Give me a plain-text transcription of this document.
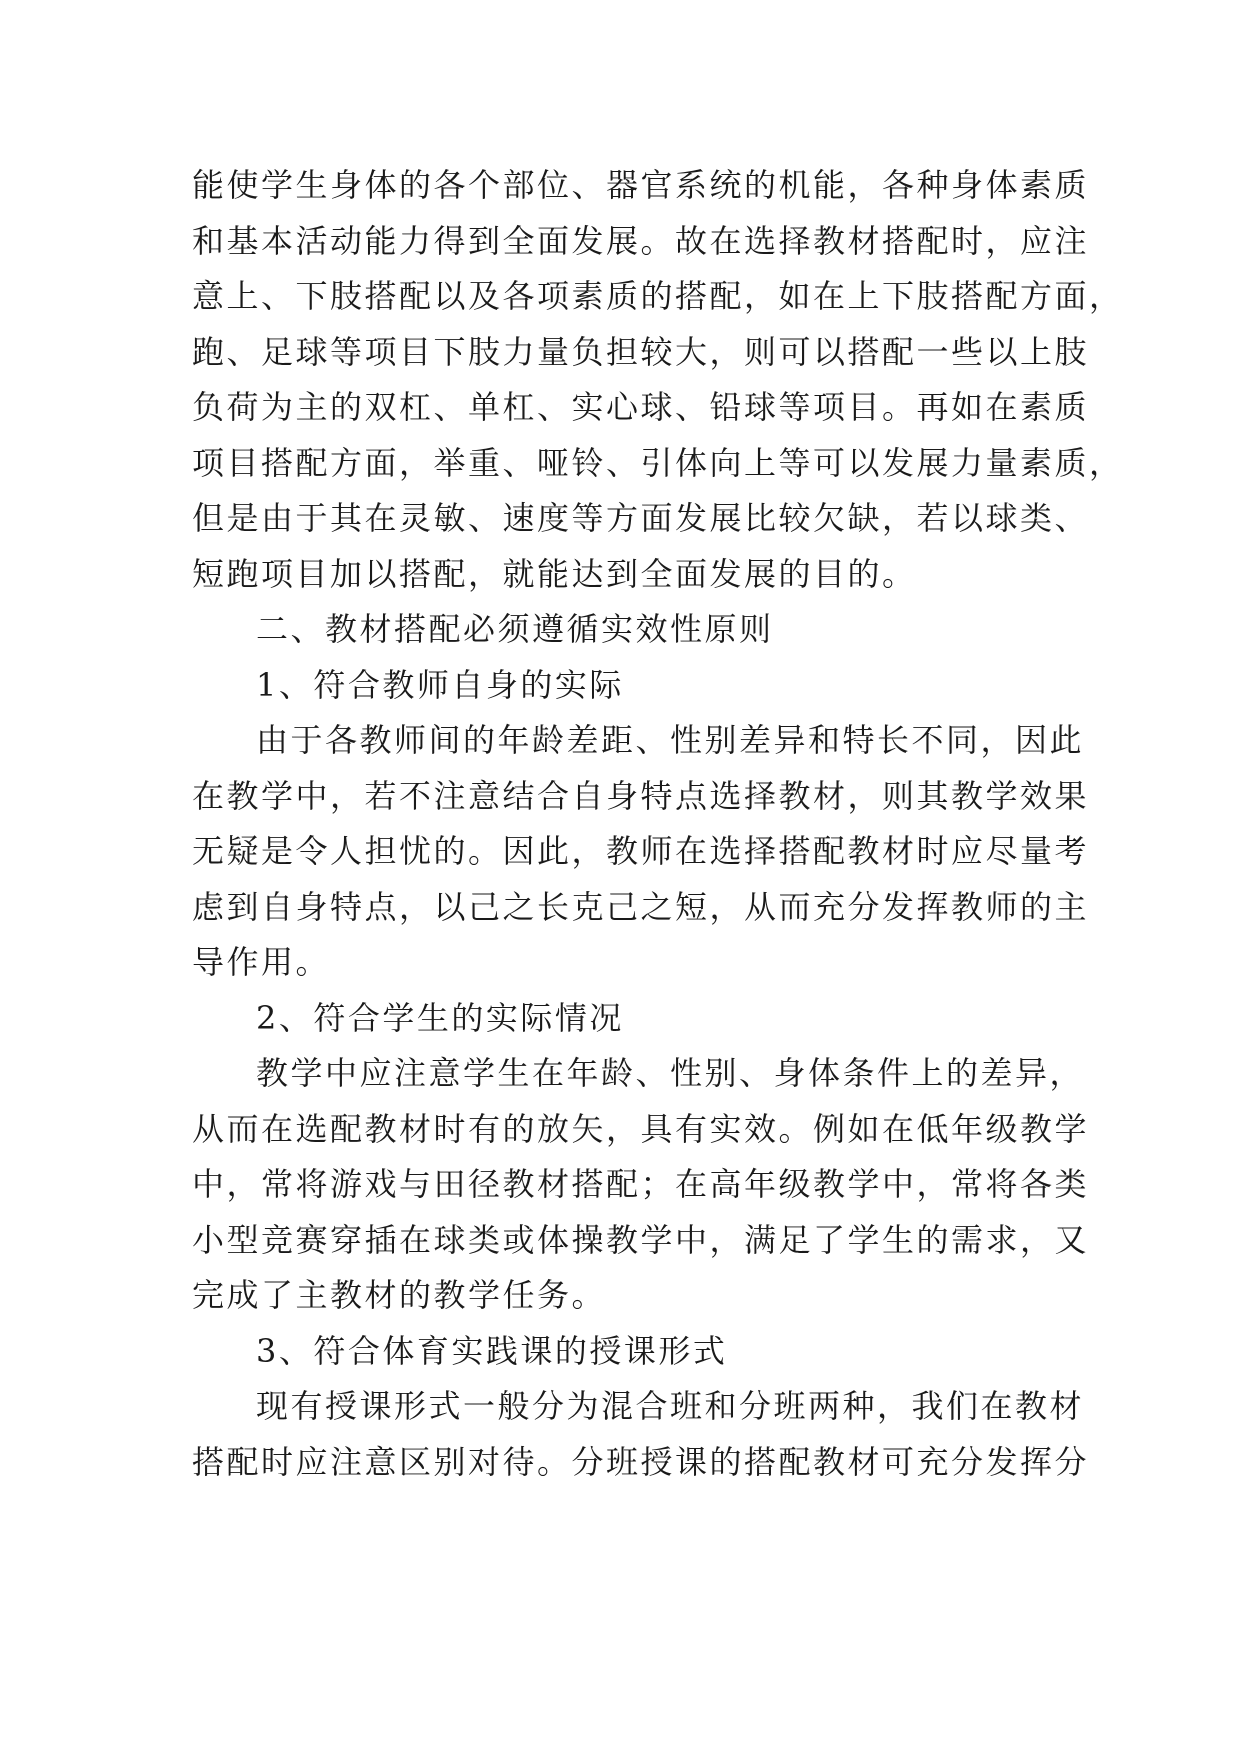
能使学生身体的各个部位、器官系统的机能，各种身体素质
和基本活动能力得到全面发展。故在选择教材搭配时，应注
意上、下肢搭配以及各项素质的搭配，如在上下肢搭配方面，
跑、足球等项目下肢力量负担较大，则可以搭配一些以上肢
负荷为主的双杠、单杠、实心球、铅球等项目。再如在素质
项目搭配方面，举重、哑铃、引体向上等可以发展力量素质，
但是由于其在灵敏、速度等方面发展比较欠缺，若以球类、
短跑项目加以搭配，就能达到全面发展的目的。
二、教材搭配必须遵循实效性原则
1、符合教师自身的实际
由于各教师间的年龄差距、性别差异和特长不同，因此
在教学中，若不注意结合自身特点选择教材，则其教学效果
无疑是令人担忧的。因此，教师在选择搭配教材时应尽量考
虑到自身特点，以己之长克己之短，从而充分发挥教师的主
导作用。
2、符合学生的实际情况
教学中应注意学生在年龄、性别、身体条件上的差异，
从而在选配教材时有的放矢，具有实效。例如在低年级教学
中，常将游戏与田径教材搭配；在高年级教学中，常将各类
小型竞赛穿插在球类或体操教学中，满足了学生的需求，又
完成了主教材的教学任务。
3、符合体育实践课的授课形式
现有授课形式一般分为混合班和分班两种，我们在教材
搭配时应注意区别对待。分班授课的搭配教材可充分发挥分
